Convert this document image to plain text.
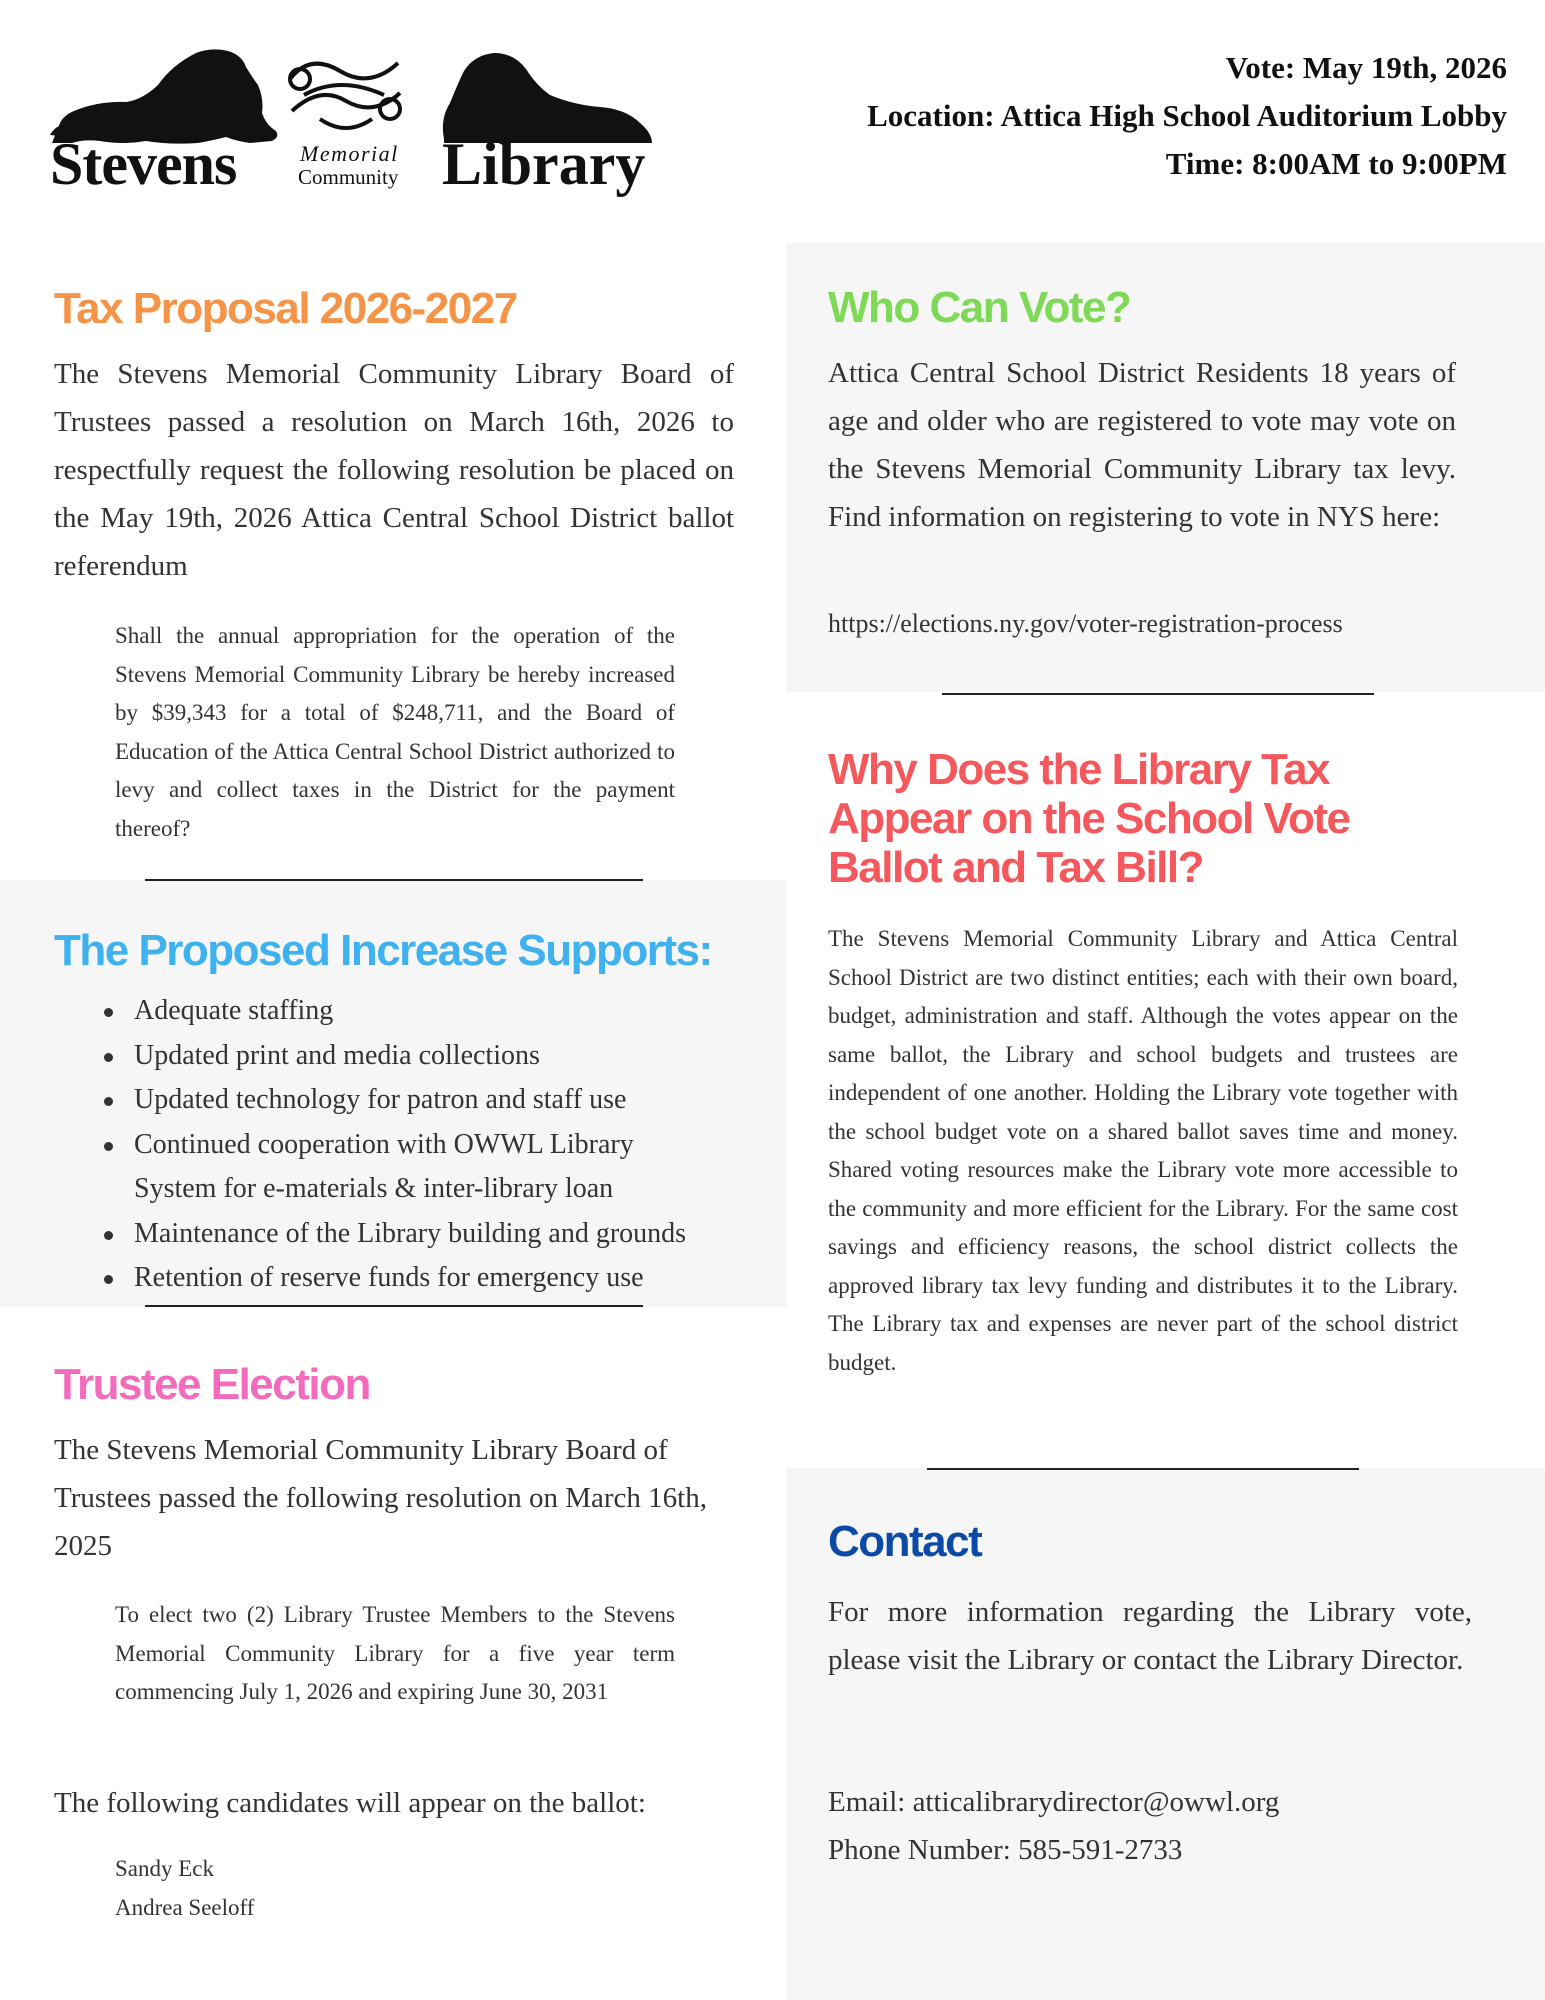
Stevens	Memorial
Community Library
Vote: May 19th, 2026
Location: Attica High School Auditorium Lobby
Time: 8:00AM to 9:00PM
Tax Proposal 2026-2027
The Stevens Memorial Community Library Board of Trustees passed a resolution on March 16th, 2026 to respectfully request the following resolution be placed on the May 19th, 2026 Attica Central School District ballot referendum
Shall the annual appropriation for the operation of the Stevens Memorial Community Library be hereby increased by $39,343 for a total of $248,711, and the Board of Education of the Attica Central School District authorized to levy and collect taxes in the District for the payment thereof?
The Proposed Increase Supports:
Adequate staffing
Updated print and media collections
Updated technology for patron and staff use
Continued cooperation with OWWL Library System for e-materials & inter-library loan
Maintenance of the Library building and grounds
Retention of reserve funds for emergency use
Trustee Election
The Stevens Memorial Community Library Board of Trustees passed the following resolution on March 16th, 2025
To elect two (2) Library Trustee Members to the Stevens Memorial Community Library for a five year term commencing July 1, 2026 and expiring June 30, 2031
The following candidates will appear on the ballot:
Sandy Eck
Andrea Seeloff
Who Can Vote?
Attica Central School District Residents 18 years of age and older who are registered to vote may vote on the Stevens Memorial Community Library tax levy. Find information on registering to vote in NYS here:
https://elections.ny.gov/voter-registration-process
Why Does the Library Tax Appear on the School Vote Ballot and Tax Bill?
The Stevens Memorial Community Library and Attica Central School District are two distinct entities; each with their own board, budget, administration and staff. Although the votes appear on the same ballot, the Library and school budgets and trustees are independent of one another. Holding the Library vote together with the school budget vote on a shared ballot saves time and money. Shared voting resources make the Library vote more accessible to the community and more efficient for the Library. For the same cost savings and efficiency reasons, the school district collects the approved library tax levy funding and distributes it to the Library. The Library tax and expenses are never part of the school district budget.
Contact
For more information regarding the Library vote, please visit the Library or contact the Library Director.
Email: atticalibrarydirector@owwl.org
Phone Number: 585-591-2733
